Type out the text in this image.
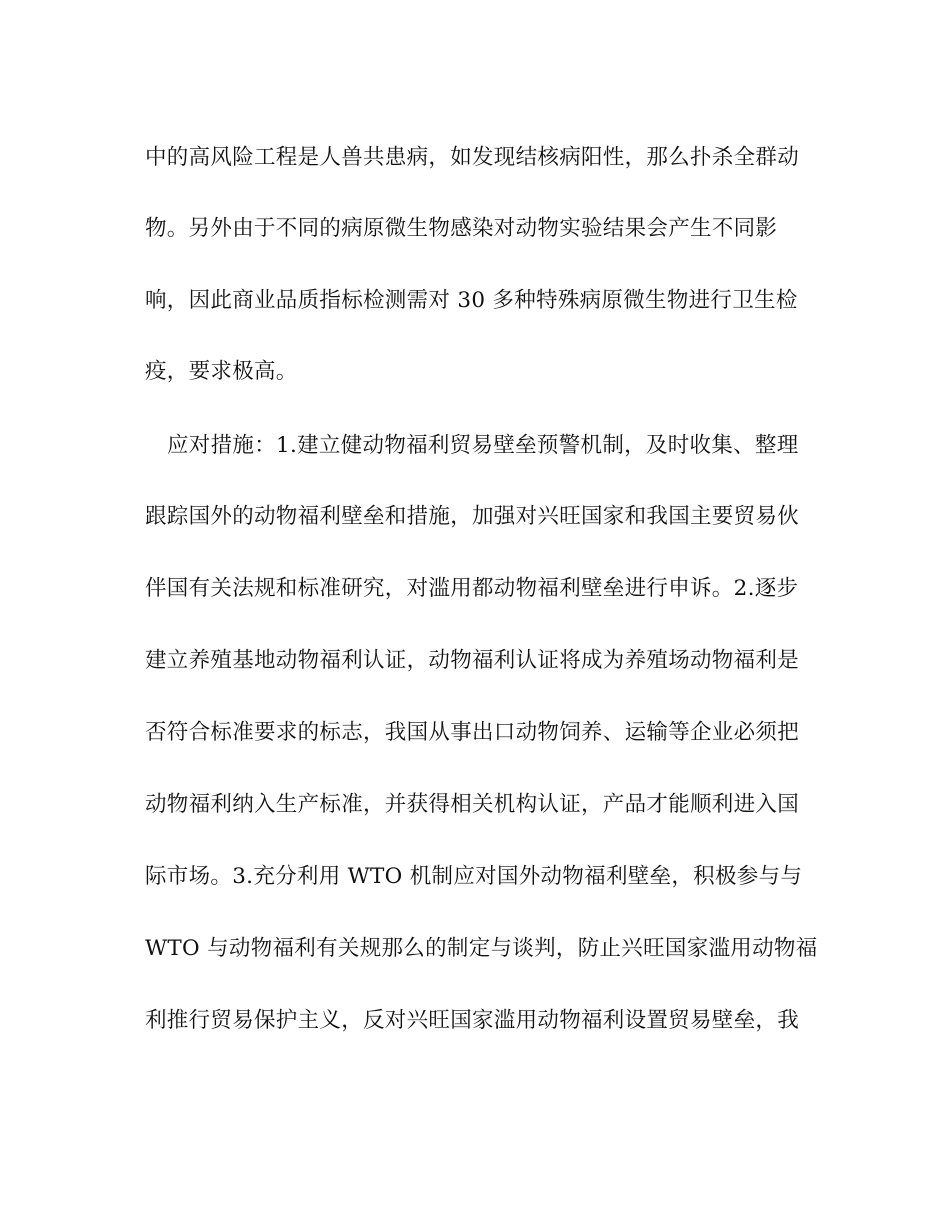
中的高风险工程是人兽共患病，如发现结核病阳性，那么扑杀全群动
物。另外由于不同的病原微生物感染对动物实验结果会产生不同影
响，因此商业品质指标检测需对 30 多种特殊病原微生物进行卫生检
疫，要求极高。
应对措施：1.建立健动物福利贸易壁垒预警机制，及时收集、整理
跟踪国外的动物福利壁垒和措施，加强对兴旺国家和我国主要贸易伙
伴国有关法规和标准研究，对滥用都动物福利壁垒进行申诉。2.逐步
建立养殖基地动物福利认证，动物福利认证将成为养殖场动物福利是
否符合标准要求的标志，我国从事出口动物饲养、运输等企业必须把
动物福利纳入生产标准，并获得相关机构认证，产品才能顺利进入国
际市场。3.充分利用 WTO 机制应对国外动物福利壁垒，积极参与与
WTO 与动物福利有关规那么的制定与谈判，防止兴旺国家滥用动物福
利推行贸易保护主义，反对兴旺国家滥用动物福利设置贸易壁垒，我
